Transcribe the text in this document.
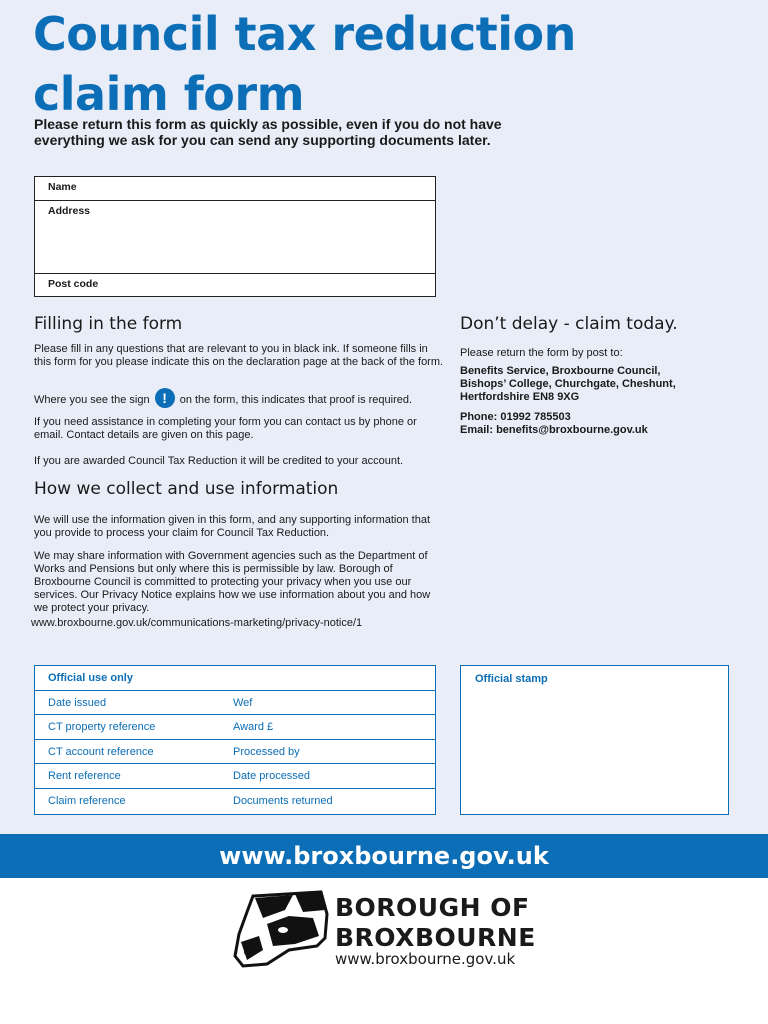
Council tax reduction
claim form
Please return this form as quickly as possible, even if you do not have
everything we ask for you can send any supporting documents later.
Name
Address
Post code
Filling in the form
Please fill in any questions that are relevant to you in black ink. If someone fills in this form for you please indicate this on the declaration page at the back of the form.
Where you see the sign ! on the form, this indicates that proof is required.
If you need assistance in completing your form you can contact us by phone or email. Contact details are given on this page.
If you are awarded Council Tax Reduction it will be credited to your account.
How we collect and use information
We will use the information given in this form, and any supporting information that you provide to process your claim for Council Tax Reduction.
We may share information with Government agencies such as the Department of Works and Pensions but only where this is permissible by law. Borough of Broxbourne Council is committed to protecting your privacy when you use our services. Our Privacy Notice explains how we use information about you and how we protect your privacy.
www.broxbourne.gov.uk/communications-marketing/privacy-notice/1
Don’t delay - claim today.
Please return the form by post to:
Benefits Service, Broxbourne Council,
Bishops’ College, Churchgate, Cheshunt,
Hertfordshire EN8 9XG
Phone: 01992 785503
Email: benefits@broxbourne.gov.uk
Official use only
Date issued	Wef
CT property reference	Award £
CT account reference	Processed by
Rent reference	Date processed
Claim reference	Documents returned
Official stamp
www.broxbourne.gov.uk
BOROUGH OF
BROXBOURNE
www.broxbourne.gov.uk
